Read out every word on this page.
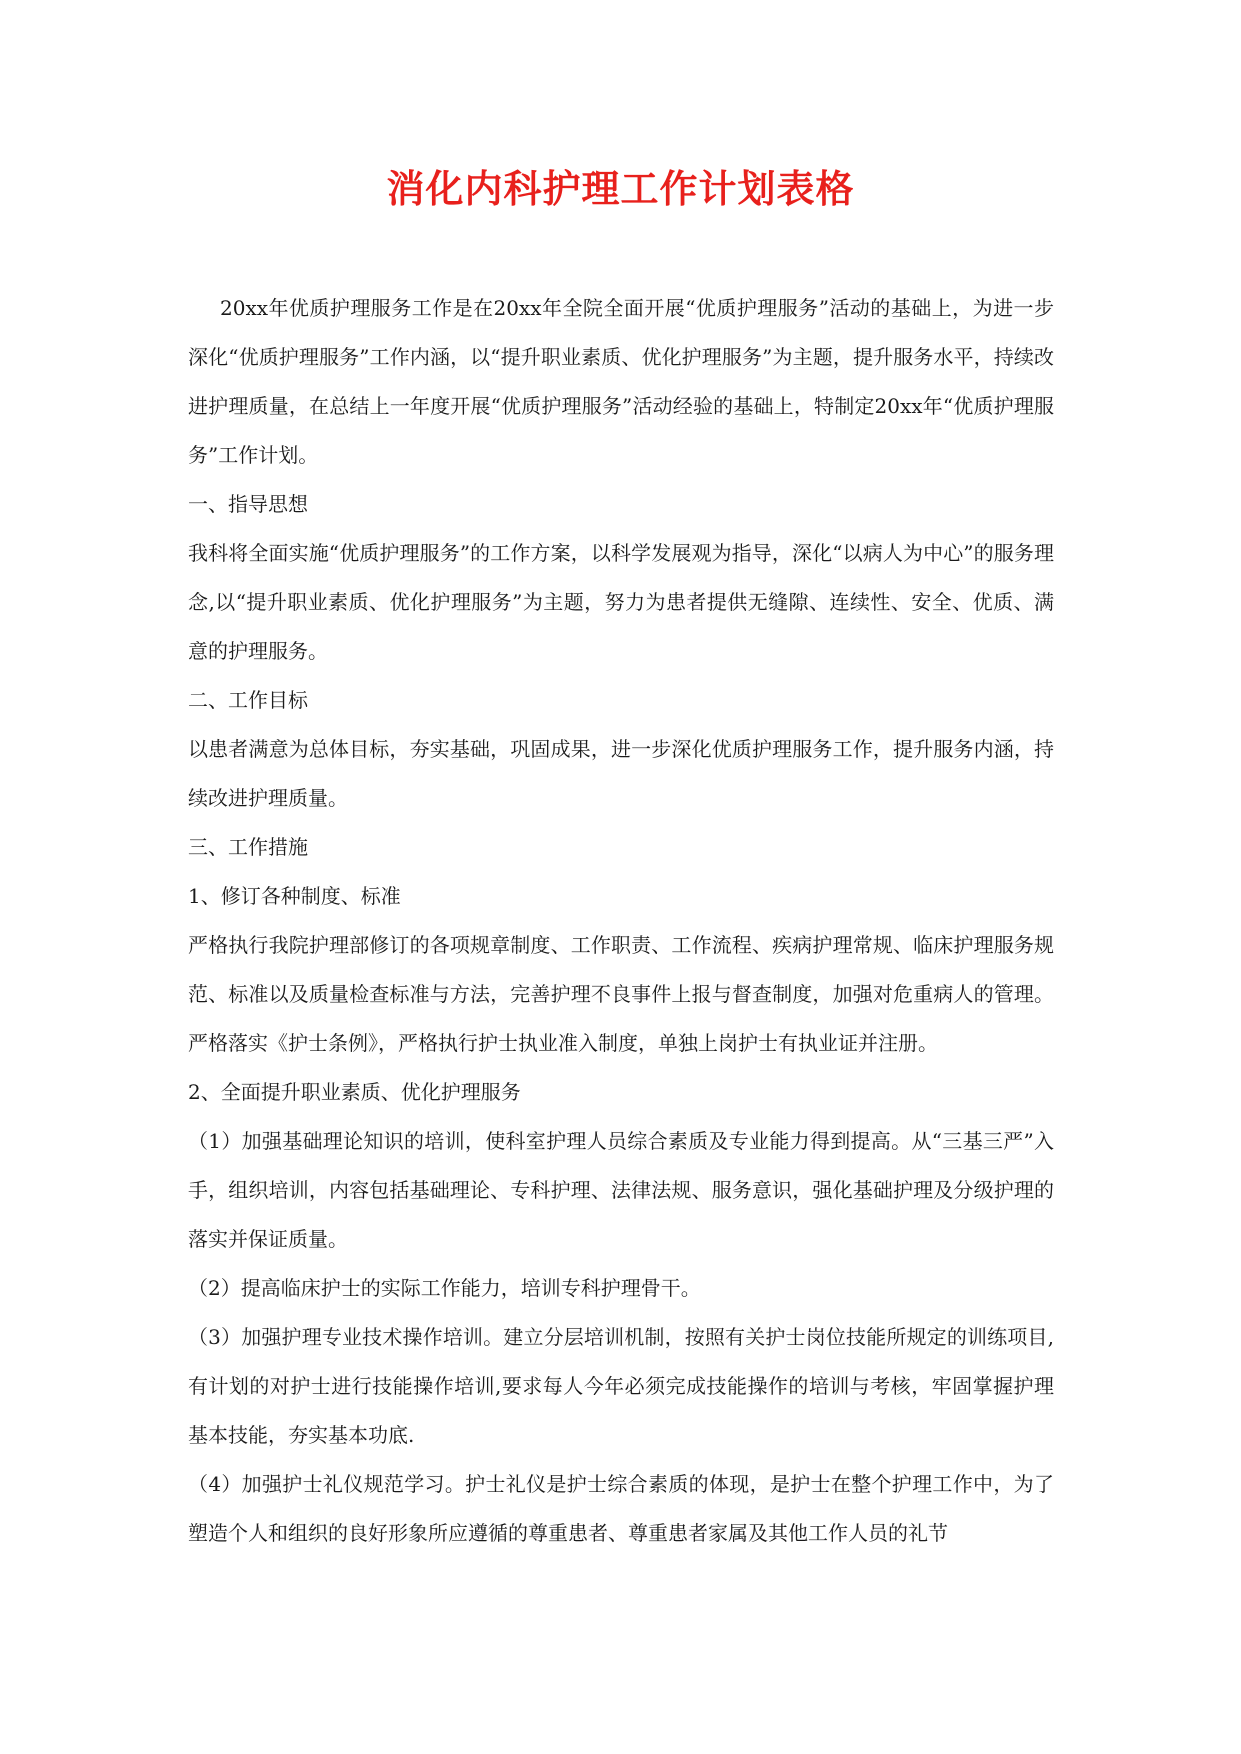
消化内科护理工作计划表格

20xx年优质护理服务工作是在20xx年全院全面开展“优质护理服务”活动的基础上，为进一步深化“优质护理服务”工作内涵，以“提升职业素质、优化护理服务”为主题，提升服务水平，持续改进护理质量，在总结上一年度开展“优质护理服务”活动经验的基础上，特制定20xx年“优质护理服务”工作计划。

一、指导思想

我科将全面实施“优质护理服务”的工作方案，以科学发展观为指导，深化“以病人为中心”的服务理念,以“提升职业素质、优化护理服务”为主题，努力为患者提供无缝隙、连续性、安全、优质、满意的护理服务。

二、工作目标

以患者满意为总体目标，夯实基础，巩固成果，进一步深化优质护理服务工作，提升服务内涵，持续改进护理质量。

三、工作措施

1、修订各种制度、标准

严格执行我院护理部修订的各项规章制度、工作职责、工作流程、疾病护理常规、临床护理服务规范、标准以及质量检查标准与方法，完善护理不良事件上报与督查制度，加强对危重病人的管理。严格落实《护士条例》，严格执行护士执业准入制度，单独上岗护士有执业证并注册。

2、全面提升职业素质、优化护理服务

（1）加强基础理论知识的培训，使科室护理人员综合素质及专业能力得到提高。从“三基三严”入手，组织培训，内容包括基础理论、专科护理、法律法规、服务意识，强化基础护理及分级护理的落实并保证质量。

（2）提高临床护士的实际工作能力，培训专科护理骨干。

（3）加强护理专业技术操作培训。建立分层培训机制，按照有关护士岗位技能所规定的训练项目,有计划的对护士进行技能操作培训,要求每人今年必须完成技能操作的培训与考核，牢固掌握护理基本技能，夯实基本功底.

（4）加强护士礼仪规范学习。护士礼仪是护士综合素质的体现，是护士在整个护理工作中，为了塑造个人和组织的良好形象所应遵循的尊重患者、尊重患者家属及其他工作人员的礼节
